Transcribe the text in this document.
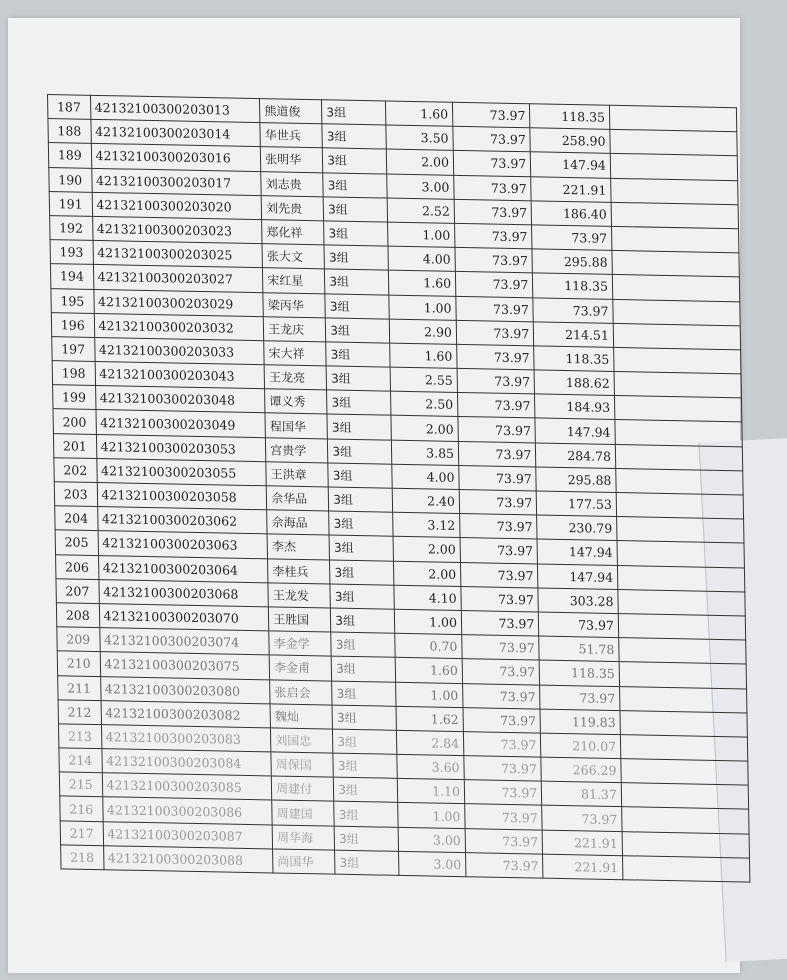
187	42132100300203013	熊道俊	3组	1.60	73.97	118.35	
188	42132100300203014	华世兵	3组	3.50	73.97	258.90	
189	42132100300203016	张明华	3组	2.00	73.97	147.94	
190	42132100300203017	刘志贵	3组	3.00	73.97	221.91	
191	42132100300203020	刘先贵	3组	2.52	73.97	186.40	
192	42132100300203023	郑化祥	3组	1.00	73.97	73.97	
193	42132100300203025	张大文	3组	4.00	73.97	295.88	
194	42132100300203027	宋红星	3组	1.60	73.97	118.35	
195	42132100300203029	梁丙华	3组	1.00	73.97	73.97	
196	42132100300203032	王龙庆	3组	2.90	73.97	214.51	
197	42132100300203033	宋大祥	3组	1.60	73.97	118.35	
198	42132100300203043	王龙亮	3组	2.55	73.97	188.62	
199	42132100300203048	谭义秀	3组	2.50	73.97	184.93	
200	42132100300203049	程国华	3组	2.00	73.97	147.94	
201	42132100300203053	宫贵学	3组	3.85	73.97	284.78	
202	42132100300203055	王洪章	3组	4.00	73.97	295.88	
203	42132100300203058	佘华品	3组	2.40	73.97	177.53	
204	42132100300203062	佘海品	3组	3.12	73.97	230.79	
205	42132100300203063	李杰	3组	2.00	73.97	147.94	
206	42132100300203064	李桂兵	3组	2.00	73.97	147.94	
207	42132100300203068	王龙发	3组	4.10	73.97	303.28	
208	42132100300203070	王胜国	3组	1.00	73.97	73.97	
209	42132100300203074	李金学	3组	0.70	73.97	51.78	
210	42132100300203075	李金甫	3组	1.60	73.97	118.35	
211	42132100300203080	张启会	3组	1.00	73.97	73.97	
212	42132100300203082	魏灿	3组	1.62	73.97	119.83	
213	42132100300203083	刘国忠	3组	2.84	73.97	210.07	
214	42132100300203084	周保国	3组	3.60	73.97	266.29	
215	42132100300203085	周建付	3组	1.10	73.97	81.37	
216	42132100300203086	周建国	3组	1.00	73.97	73.97	
217	42132100300203087	周华海	3组	3.00	73.97	221.91	
218	42132100300203088	尚国华	3组	3.00	73.97	221.91	
